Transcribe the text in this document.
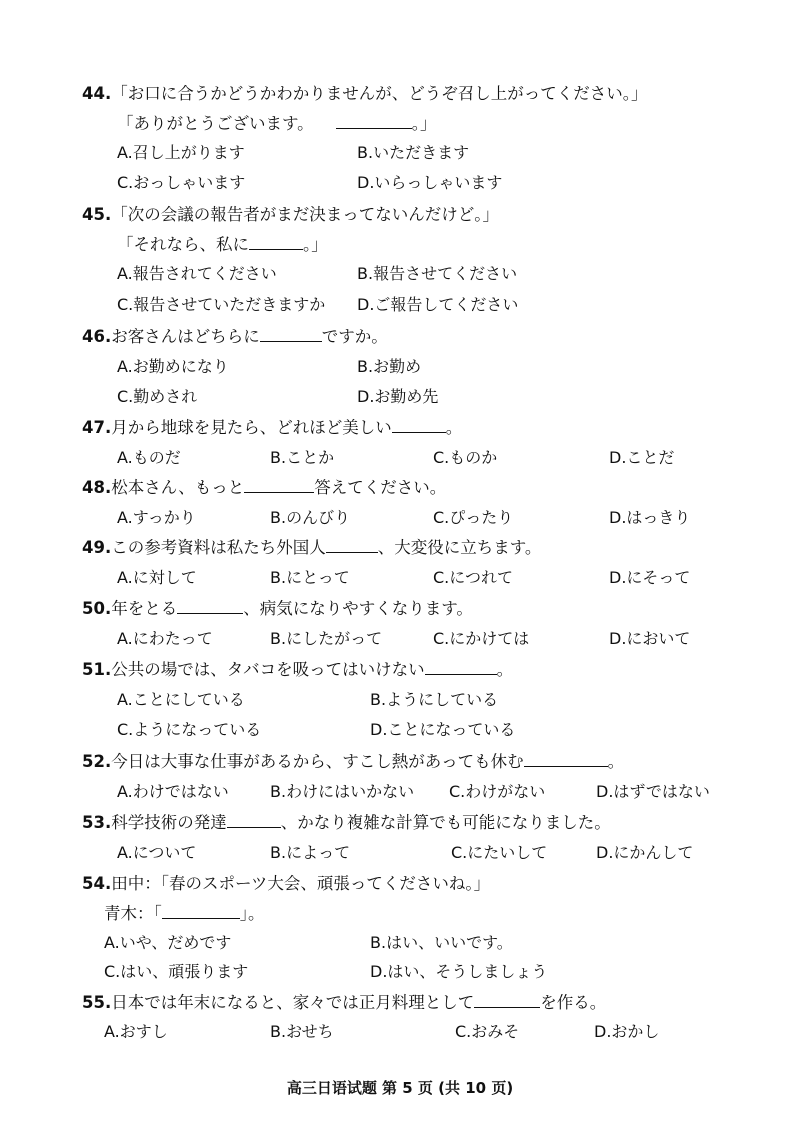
44.「お口に合うかどうかわかりませんが、どうぞ召し上がってください。」
「ありがとうございます。	。」
A.召し上がります	B.いただきます
C.おっしゃいます	D.いらっしゃいます
45.「次の会議の報告者がまだ決まってないんだけど。」
「それなら、私に	。」
A.報告されてください	B.報告させてください
C.報告させていただきますか D.ご報告してください
46.お客さんはどちらに	ですか。
A.お勤めになり	B.お勤め
C.勤めされ	D.お勤め先
47.月から地球を見たら、どれほど美しい	。
A.ものだ	B.ことか	C.ものか	D.ことだ
48.松本さん、もっと	答えてください。
A.すっかり	B.のんびり	C.ぴったり	D.はっきり
49.この参考資料は私たち外国人	、大変役に立ちます。
A.に対して	B.にとって	C.につれて	D.にそって
50.年をとる	、病気になりやすくなります。
A.にわたって	B.にしたがって	C.にかけては	D.において
51.公共の場では、タバコを吸ってはいけない	。
A.ことにしている	B.ようにしている
C.ようになっている	D.ことになっている
52.今日は大事な仕事があるから、すこし熱があっても休む	。
A.わけではない	B.わけにはいかない C.わけがない	D.はずではない
53.科学技術の発達	、かなり複雑な計算でも可能になりました。
A.について	B.によって	C.にたいして	D.にかんして
54.田中：「春のスポーツ大会、頑張ってくださいね。」
青木：「	」。
A.いや、だめです	B.はい、いいです。
C.はい、頑張ります	D.はい、そうしましょう
55.日本では年末になると、家々では正月料理として	を作る。
A.おすし	B.おせち	C.おみそ	D.おかし
高三日语试题 第 5 页 (共 10 页)
